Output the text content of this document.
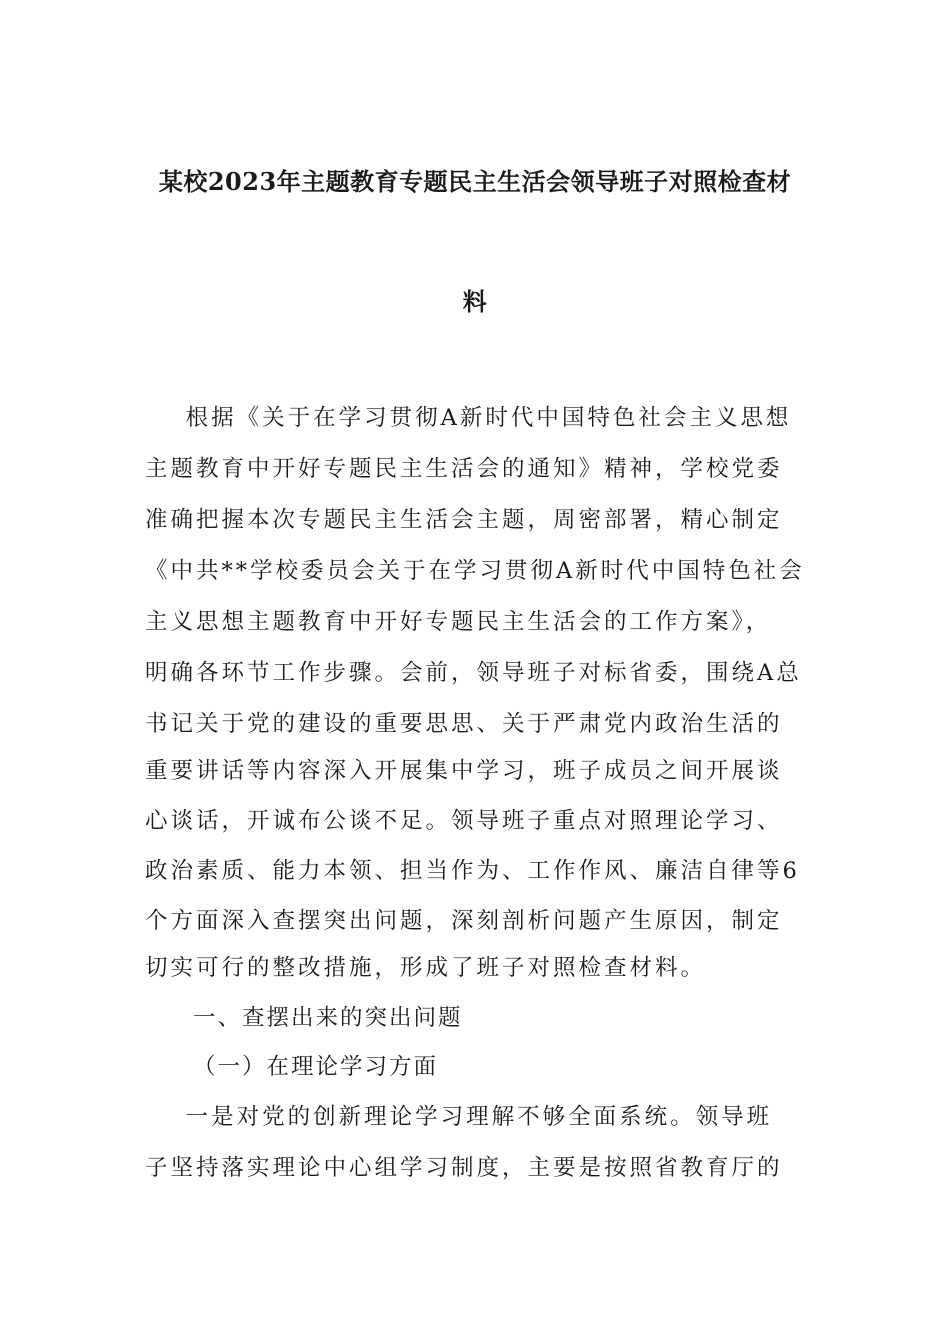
某校2023年主题教育专题民主生活会领导班子对照检查材
料
根据《关于在学习贯彻A新时代中国特色社会主义思想
主题教育中开好专题民主生活会的通知》精神，学校党委
准确把握本次专题民主生活会主题，周密部署，精心制定
《中共**学校委员会关于在学习贯彻A新时代中国特色社会
主义思想主题教育中开好专题民主生活会的工作方案》，
明确各环节工作步骤。会前，领导班子对标省委，围绕A总
书记关于党的建设的重要思思、关于严肃党内政治生活的
重要讲话等内容深入开展集中学习，班子成员之间开展谈
心谈话，开诚布公谈不足。领导班子重点对照理论学习、
政治素质、能力本领、担当作为、工作作风、廉洁自律等6
个方面深入查摆突出问题，深刻剖析问题产生原因，制定
切实可行的整改措施，形成了班子对照检查材料。
一、查摆出来的突出问题
（一）在理论学习方面
一是对党的创新理论学习理解不够全面系统。领导班
子坚持落实理论中心组学习制度，主要是按照省教育厅的
